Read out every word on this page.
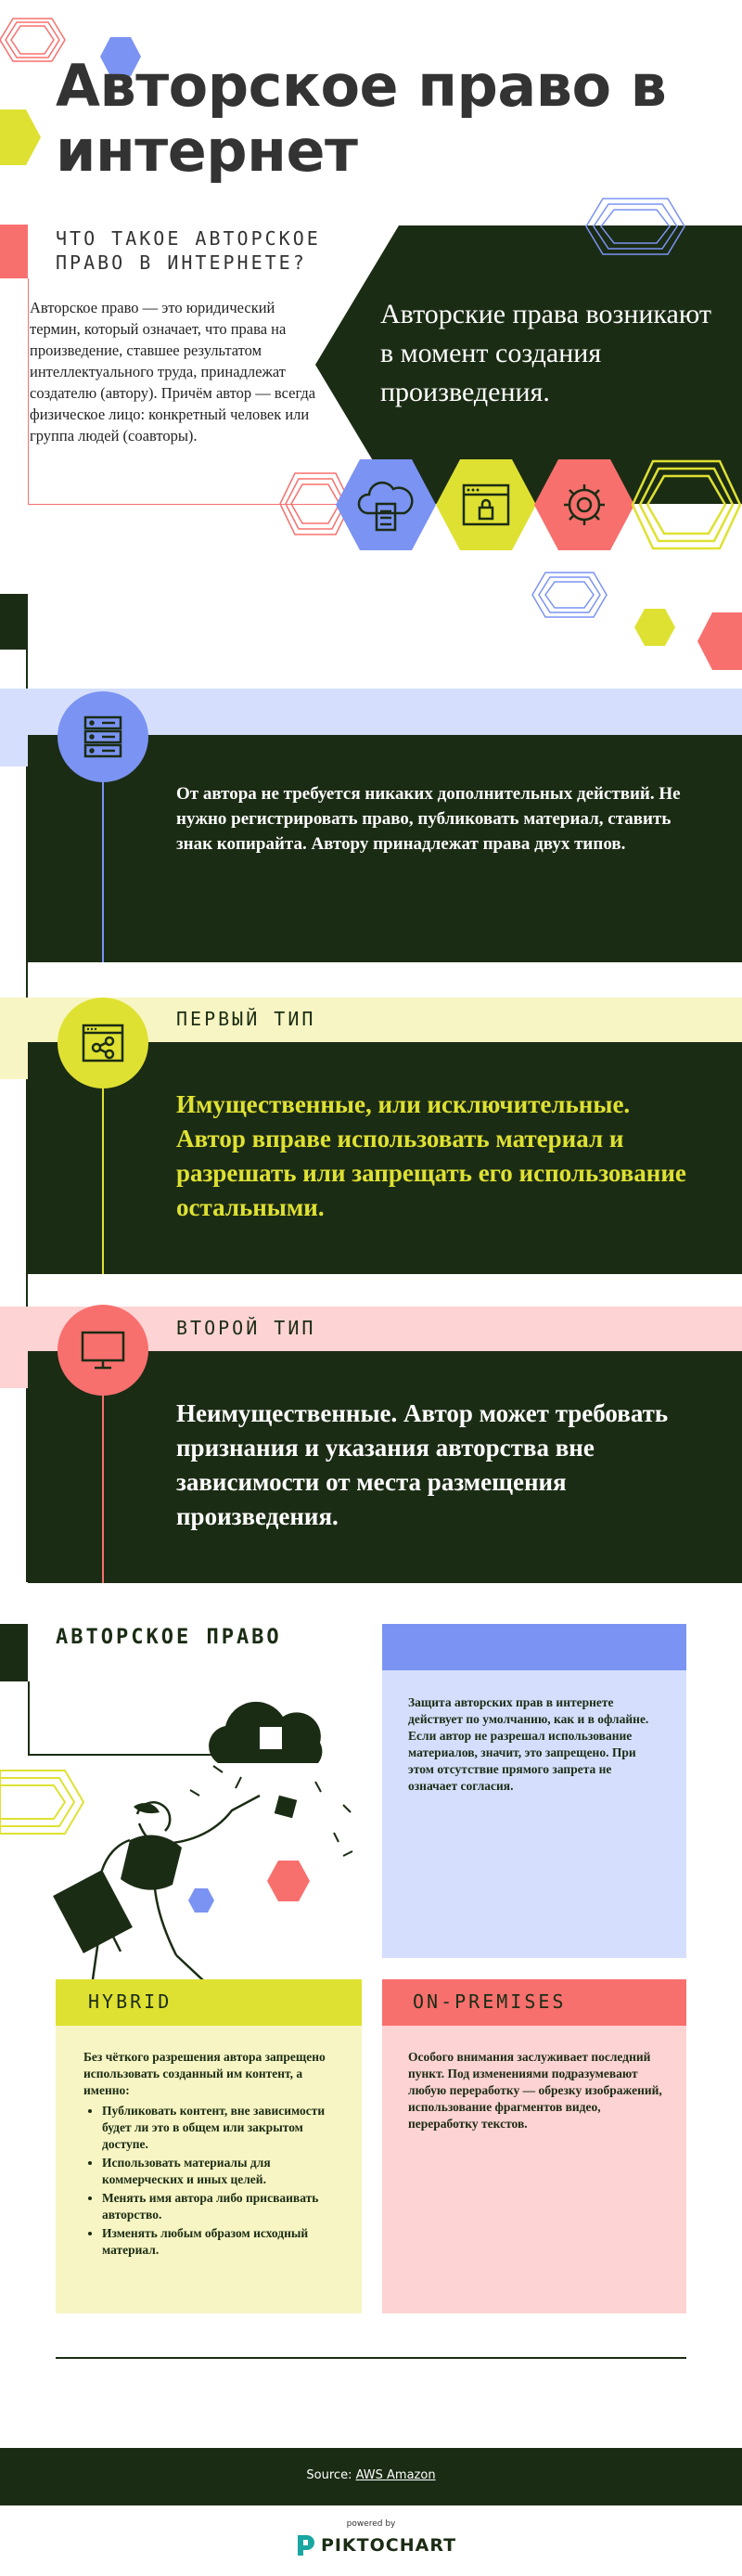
Авторское право в интернет
ЧТО ТАКОЕ АВТОРСКОЕ ПРАВО В ИНТЕРНЕТЕ?
Авторское право — это юридический термин, который означает, что права на произведение, ставшее результатом интеллектуального труда, принадлежат создателю (автору). Причём автор — всегда физическое лицо: конкретный человек или группа людей (соавторы).
Авторские права возникают в момент создания произведения.
От автора не требуется никаких дополнительных действий. Не нужно регистрировать право, публиковать материал, ставить знак копирайта. Автору принадлежат права двух типов.
ПЕРВЫЙ ТИП
Имущественные, или исключительные. Автор вправе использовать материал и разрешать или запрещать его использование остальными.
ВТОРОЙ ТИП
Неимущественные. Автор может требовать признания и указания авторства вне зависимости от места размещения произведения.
АВТОРСКОЕ ПРАВО
Защита авторских прав в интернете действует по умолчанию, как и в офлайне. Если автор не разрешал использование материалов, значит, это запрещено. При этом отсутствие прямого запрета не означает согласия.
HYBRID
Без чёткого разрешения автора запрещено использовать созданный им контент, а именно:
• Публиковать контент, вне зависимости будет ли это в общем или закрытом доступе.
• Использовать материалы для коммерческих и иных целей.
• Менять имя автора либо присваивать авторство.
• Изменять любым образом исходный материал.
ON-PREMISES
Особого внимания заслуживает последний пункт. Под изменениями подразумевают любую переработку — обрезку изображений, использование фрагментов видео, переработку текстов.
Source: AWS Amazon
powered by
PIKTOCHART
